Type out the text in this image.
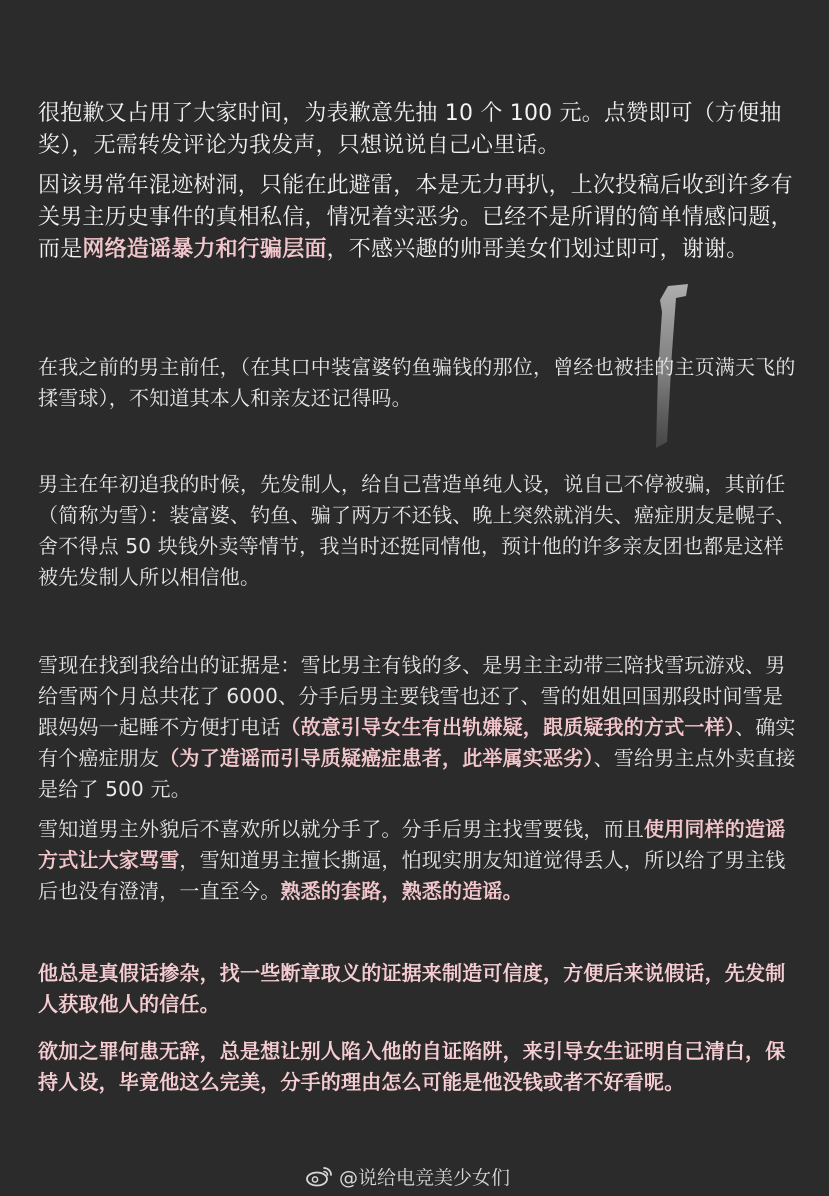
很抱歉又占用了大家时间，为表歉意先抽 10 个 100 元。点赞即可（方便抽奖），无需转发评论为我发声，只想说说自己心里话。

因该男常年混迹树洞，只能在此避雷，本是无力再扒，上次投稿后收到许多有关男主历史事件的真相私信，情况着实恶劣。已经不是所谓的简单情感问题，而是网络造谣暴力和行骗层面，不感兴趣的帅哥美女们划过即可，谢谢。

在我之前的男主前任，（在其口中装富婆钓鱼骗钱的那位，曾经也被挂的主页满天飞的揉雪球），不知道其本人和亲友还记得吗。

男主在年初追我的时候，先发制人，给自己营造单纯人设，说自己不停被骗，其前任（简称为雪）：装富婆、钓鱼、骗了两万不还钱、晚上突然就消失、癌症朋友是幌子、舍不得点 50 块钱外卖等情节，我当时还挺同情他，预计他的许多亲友团也都是这样被先发制人所以相信他。

雪现在找到我给出的证据是：雪比男主有钱的多、是男主主动带三陪找雪玩游戏、男给雪两个月总共花了 6000、分手后男主要钱雪也还了、雪的姐姐回国那段时间雪是跟妈妈一起睡不方便打电话（故意引导女生有出轨嫌疑，跟质疑我的方式一样）、确实有个癌症朋友（为了造谣而引导质疑癌症患者，此举属实恶劣）、雪给男主点外卖直接是给了 500 元。

雪知道男主外貌后不喜欢所以就分手了。分手后男主找雪要钱，而且使用同样的造谣方式让大家骂雪，雪知道男主擅长撕逼，怕现实朋友知道觉得丢人，所以给了男主钱后也没有澄清，一直至今。熟悉的套路，熟悉的造谣。

他总是真假话掺杂，找一些断章取义的证据来制造可信度，方便后来说假话，先发制人获取他人的信任。

欲加之罪何患无辞，总是想让别人陷入他的自证陷阱，来引导女生证明自己清白，保持人设，毕竟他这么完美，分手的理由怎么可能是他没钱或者不好看呢。

@说给电竞美少女们
